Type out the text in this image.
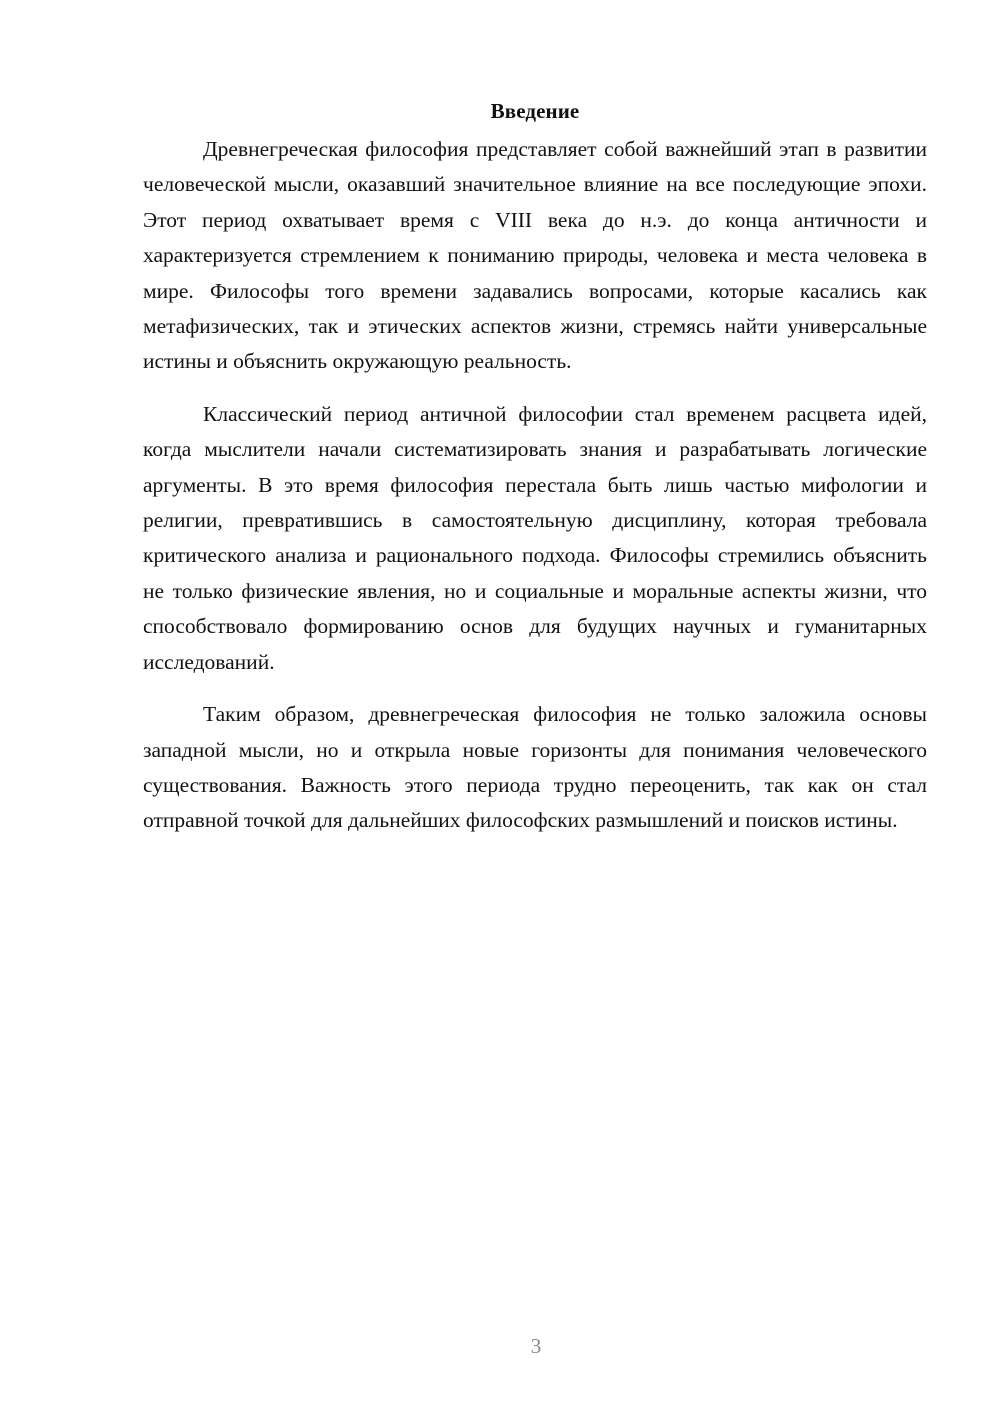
Введение

Древнегреческая философия представляет собой важнейший этап в развитии человеческой мысли, оказавший значительное влияние на все последующие эпохи. Этот период охватывает время с VIII века до н.э. до конца античности и характеризуется стремлением к пониманию природы, человека и места человека в мире. Философы того времени задавались вопросами, которые касались как метафизических, так и этических аспектов жизни, стремясь найти универсальные истины и объяснить окружающую реальность.

Классический период античной философии стал временем расцвета идей, когда мыслители начали систематизировать знания и разрабатывать логические аргументы. В это время философия перестала быть лишь частью мифологии и религии, превратившись в самостоятельную дисциплину, которая требовала критического анализа и рационального подхода. Философы стремились объяснить не только физические явления, но и социальные и моральные аспекты жизни, что способствовало формированию основ для будущих научных и гуманитарных исследований.

Таким образом, древнегреческая философия не только заложила основы западной мысли, но и открыла новые горизонты для понимания человеческого существования. Важность этого периода трудно переоценить, так как он стал отправной точкой для дальнейших философских размышлений и поисков истины.

3
